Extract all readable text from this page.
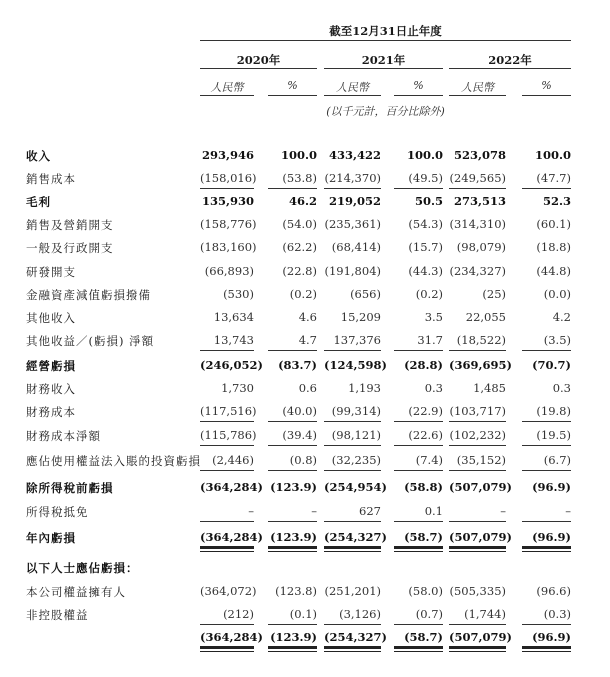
截至12月31日止年度
2020年	2021年	2022年
人民幣	%	人民幣	%	人民幣	%
(以千元計，百分比除外)
收入	293,946	100.0	433,422	100.0 523,078	100.0
銷售成本	(158,016)	(53.8) (214,370)	(49.5) (249,565)	(47.7)
毛利	135,930	46.2	219,052	50.5 273,513	52.3
銷售及營銷開支	(158,776)	(54.0) (235,361)	(54.3) (314,310)	(60.1)
一般及行政開支	(183,160)	(62.2)	(68,414)	(15.7)	(98,079)	(18.8)
研發開支	(66,893)	(22.8) (191,804)	(44.3) (234,327)	(44.8)
金融資產減值虧損撥備	(530)	(0.2)	(656)	(0.2)	(25)	(0.0)
其他收入	13,634	4.6	15,209	3.5	22,055	4.2
其他收益／(虧損) 淨額	13,743	4.7	137,376	31.7	(18,522)	(3.5)
經營虧損	(246,052)	(83.7) (124,598)	(28.8) (369,695)	(70.7)
財務收入	1,730	0.6	1,193	0.3	1,485	0.3
財務成本	(117,516)	(40.0)	(99,314)	(22.9) (103,717)	(19.8)
財務成本淨額	(115,786)	(39.4)	(98,121)	(22.6) (102,232)	(19.5)
應佔使用權益法入賬的投資虧損 (2,446)	(0.8)	(32,235)	(7.4)	(35,152)	(6.7)
除所得稅前虧損	(364,284) (123.9) (254,954)	(58.8) (507,079)	(96.9)
所得稅抵免	–	–	627	0.1	–	–
年內虧損	(364,284) (123.9) (254,327)	(58.7) (507,079)	(96.9)
以下人士應佔虧損：
本公司權益擁有人	(364,072)	(123.8) (251,201)	(58.0) (505,335)	(96.6)
非控股權益	(212)	(0.1)	(3,126)	(0.7)	(1,744)	(0.3)
(364,284) (123.9) (254,327)	(58.7) (507,079)	(96.9)
